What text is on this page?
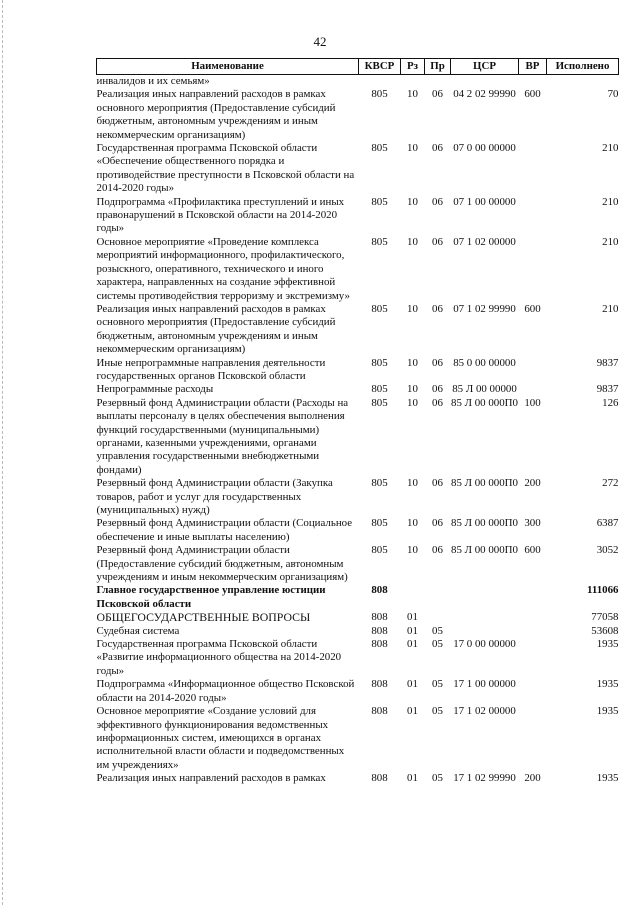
42
Наименование	КВСР	Рз	Пр	ЦСР	ВР	Исполнено
инвалидов и их семьям»						
Реализация иных направлений расходов в рамках основного мероприятия (Предоставление субсидий бюджетным, автономным учреждениям и иным некоммерческим организациям)	805	10	06	04 2 02 99990	600	70
Государственная программа Псковской области «Обеспечение общественного порядка и противодействие преступности в Псковской области на 2014-2020 годы»	805	10	06	07 0 00 00000		210
Подпрограмма «Профилактика преступлений и иных правонарушений в Псковской области на 2014-2020 годы»	805	10	06	07 1 00 00000		210
Основное мероприятие «Проведение комплекса мероприятий информационного, профилактического, розыскного, оперативного, технического и иного характера, направленных на создание эффективной системы противодействия терроризму и экстремизму»	805	10	06	07 1 02 00000		210
Реализация иных направлений расходов в рамках основного мероприятия (Предоставление субсидий бюджетным, автономным учреждениям и иным некоммерческим организациям)	805	10	06	07 1 02 99990	600	210
Иные непрограммные направления деятельности государственных органов Псковской области	805	10	06	85 0 00 00000		9837
Непрограммные расходы	805	10	06	85 Л 00 00000		9837
Резервный фонд Администрации области (Расходы на выплаты персоналу в целях обеспечения выполнения функций государственными (муниципальными) органами, казенными учреждениями, органами управления государственными внебюджетными фондами)	805	10	06	85 Л 00 000П0	100	126
Резервный фонд Администрации области (Закупка товаров, работ и услуг для государственных (муниципальных) нужд)	805	10	06	85 Л 00 000П0	200	272
Резервный фонд Администрации области (Социальное обеспечение и иные выплаты населению)	805	10	06	85 Л 00 000П0	300	6387
Резервный фонд Администрации области (Предоставление субсидий бюджетным, автономным учреждениям и иным некоммерческим организациям)	805	10	06	85 Л 00 000П0	600	3052
Главное государственное управление юстиции Псковской области	808					111066
ОБЩЕГОСУДАРСТВЕННЫЕ ВОПРОСЫ	808	01				77058
Судебная система	808	01	05			53608
Государственная программа Псковской области «Развитие информационного общества на 2014-2020 годы»	808	01	05	17 0 00 00000		1935
Подпрограмма «Информационное общество Псковской области на 2014-2020 годы»	808	01	05	17 1 00 00000		1935
Основное мероприятие «Создание условий для эффективного функционирования ведомственных информационных систем, имеющихся в органах исполнительной власти области и подведомственных им учреждениях»	808	01	05	17 1 02 00000		1935
Реализация иных направлений расходов в рамках	808	01	05	17 1 02 99990	200	1935
